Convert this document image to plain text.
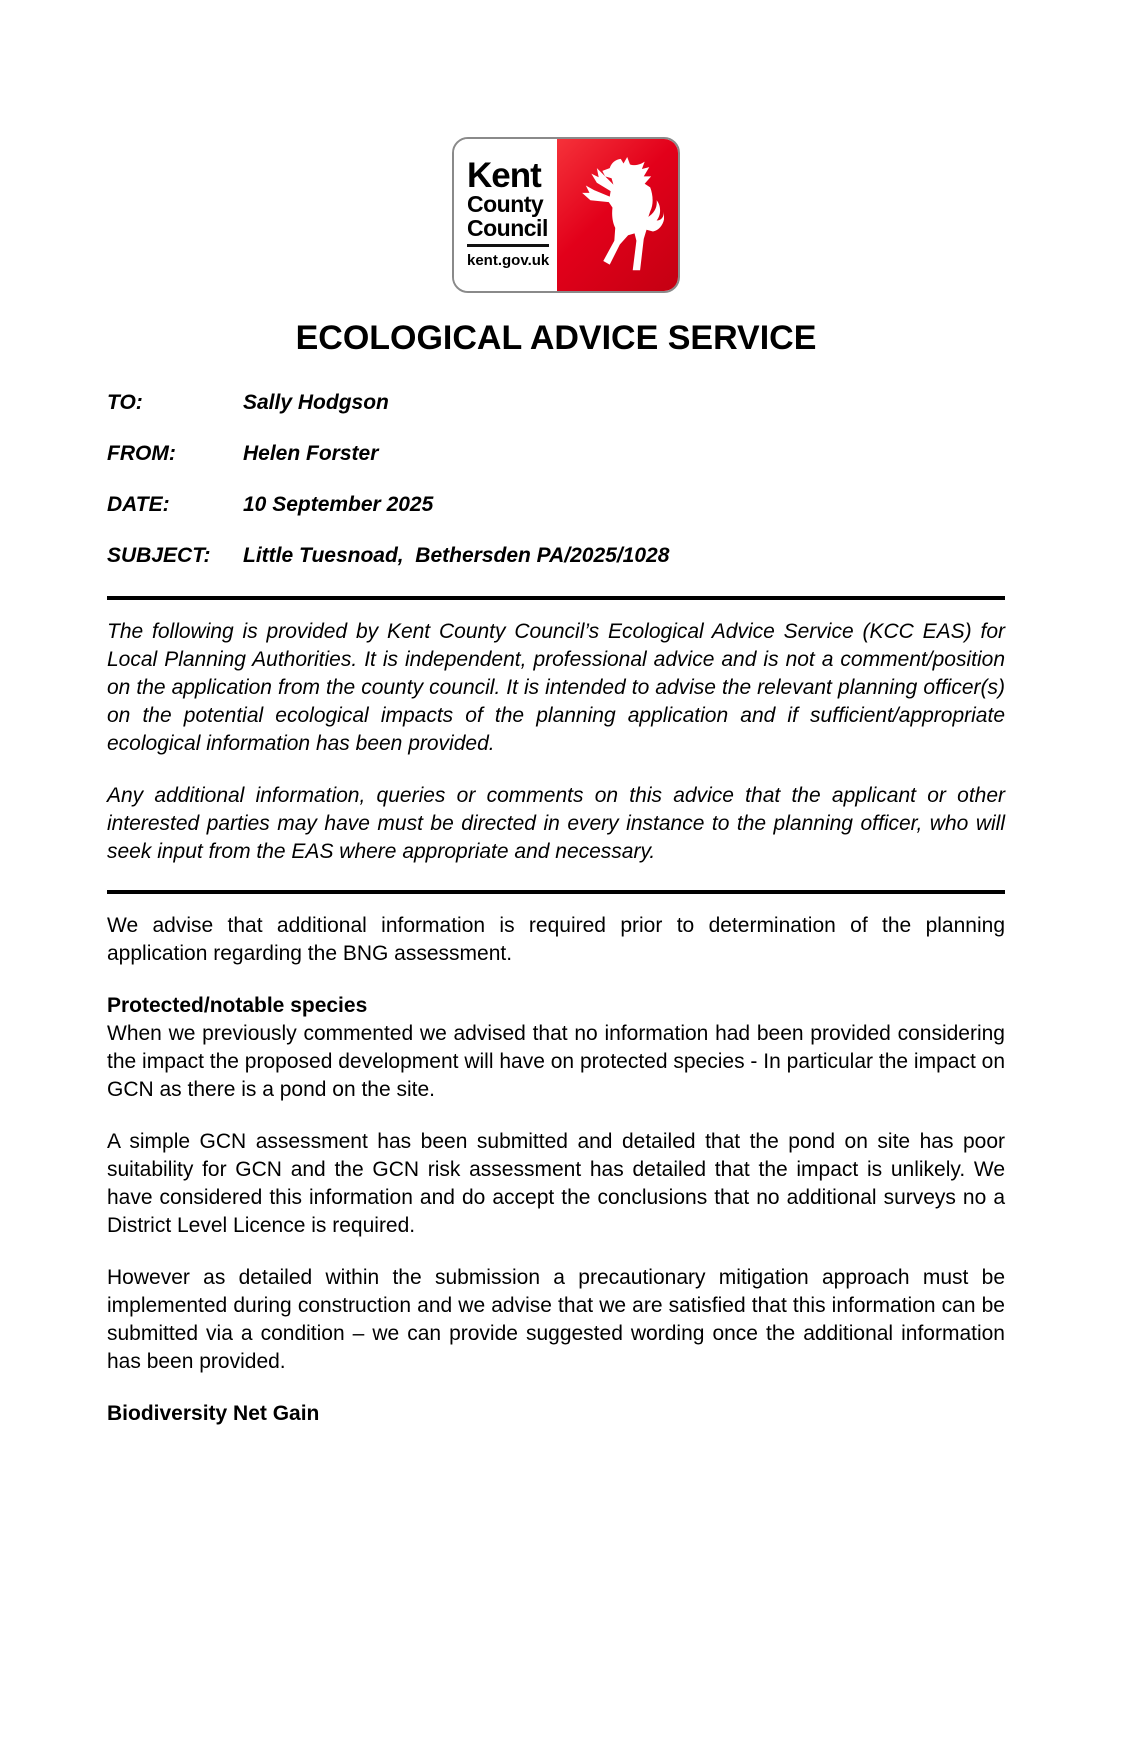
Kent
County
Council
kent.gov.uk
ECOLOGICAL ADVICE SERVICE
TO:	Sally Hodgson
FROM:	Helen Forster
DATE:	10 September 2025
SUBJECT:	Little Tuesnoad,  Bethersden PA/2025/1028

The following is provided by Kent County Council’s Ecological Advice Service (KCC EAS) for Local Planning Authorities. It is independent, professional advice and is not a comment/position on the application from the county council. It is intended to advise the relevant planning officer(s) on the potential ecological impacts of the planning application and if sufficient/appropriate ecological information has been provided.

Any additional information, queries or comments on this advice that the applicant or other interested parties may have must be directed in every instance to the planning officer, who will seek input from the EAS where appropriate and necessary.

We advise that additional information is required prior to determination of the planning application regarding the BNG assessment.

Protected/notable species

When we previously commented we advised that no information had been provided considering the impact the proposed development will have on protected species - In particular the impact on GCN as there is a pond on the site.

A simple GCN assessment has been submitted and detailed that the pond on site has poor suitability for GCN and the GCN risk assessment has detailed that the impact is unlikely. We have considered this information and do accept the conclusions that no additional surveys no a District Level Licence is required.

However as detailed within the submission a precautionary mitigation approach must be implemented during construction and we advise that we are satisfied that this information can be submitted via a condition – we can provide suggested wording once the additional information has been provided.

Biodiversity Net Gain
